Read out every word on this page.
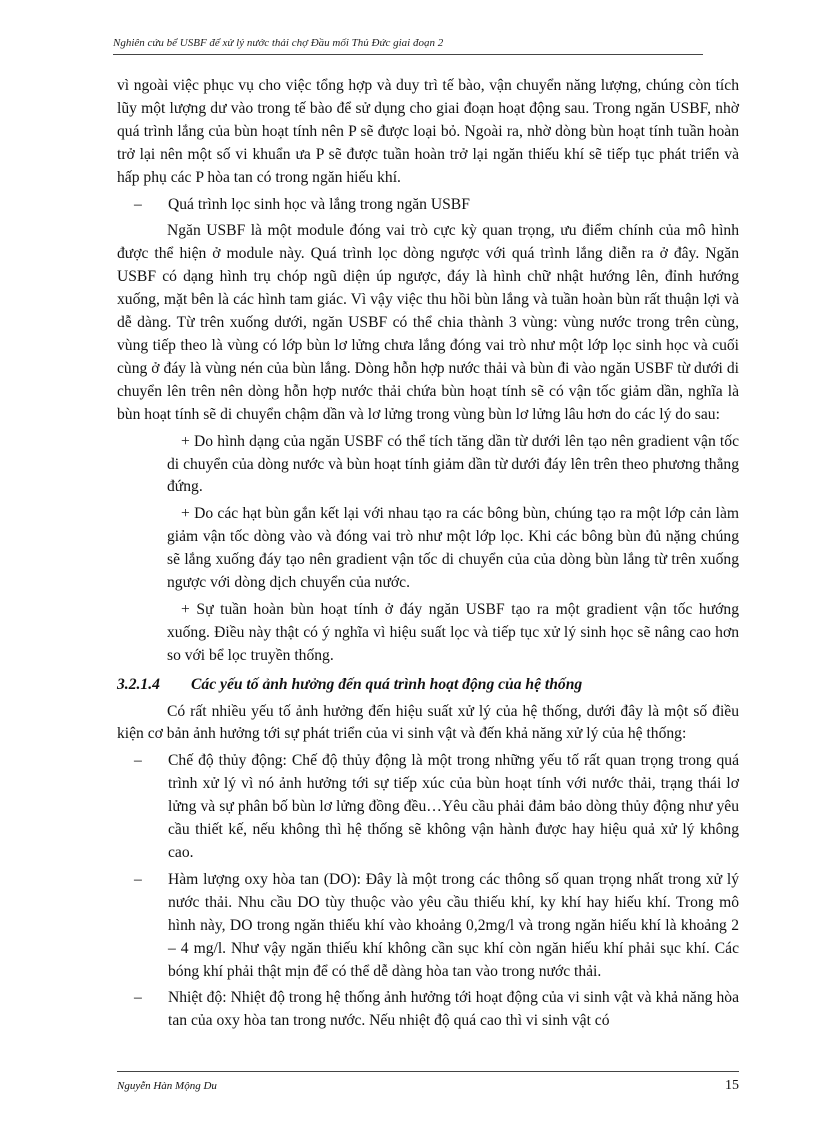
Nghiên cứu bể USBF để xử lý nước thải chợ Đầu mối Thủ Đức giai đoạn 2

vì ngoài việc phục vụ cho việc tổng hợp và duy trì tế bào, vận chuyển năng lượng, chúng còn tích lũy một lượng dư vào trong tế bào để sử dụng cho giai đoạn hoạt động sau. Trong ngăn USBF, nhờ quá trình lắng của bùn hoạt tính nên P sẽ được loại bỏ. Ngoài ra, nhờ dòng bùn hoạt tính tuần hoàn trở lại nên một số vi khuẩn ưa P sẽ được tuần hoàn trở lại ngăn thiếu khí sẽ tiếp tục phát triển và hấp phụ các P hòa tan có trong ngăn hiếu khí.

– Quá trình lọc sinh học và lắng trong ngăn USBF

Ngăn USBF là một module đóng vai trò cực kỳ quan trọng, ưu điểm chính của mô hình được thể hiện ở module này. Quá trình lọc dòng ngược với quá trình lắng diễn ra ở đây. Ngăn USBF có dạng hình trụ chóp ngũ diện úp ngược, đáy là hình chữ nhật hướng lên, đỉnh hướng xuống, mặt bên là các hình tam giác. Vì vậy việc thu hồi bùn lắng và tuần hoàn bùn rất thuận lợi và dễ dàng. Từ trên xuống dưới, ngăn USBF có thể chia thành 3 vùng: vùng nước trong trên cùng, vùng tiếp theo là vùng có lớp bùn lơ lửng chưa lắng đóng vai trò như một lớp lọc sinh học và cuối cùng ở đáy là vùng nén của bùn lắng. Dòng hỗn hợp nước thải và bùn đi vào ngăn USBF từ dưới di chuyển lên trên nên dòng hỗn hợp nước thải chứa bùn hoạt tính sẽ có vận tốc giảm dần, nghĩa là bùn hoạt tính sẽ di chuyển chậm dần và lơ lửng trong vùng bùn lơ lửng lâu hơn do các lý do sau:

+ Do hình dạng của ngăn USBF có thể tích tăng dần từ dưới lên tạo nên gradient vận tốc di chuyển của dòng nước và bùn hoạt tính giảm dần từ dưới đáy lên trên theo phương thẳng đứng.

+ Do các hạt bùn gắn kết lại với nhau tạo ra các bông bùn, chúng tạo ra một lớp cản làm giảm vận tốc dòng vào và đóng vai trò như một lớp lọc. Khi các bông bùn đủ nặng chúng sẽ lắng xuống đáy tạo nên gradient vận tốc di chuyển của của dòng bùn lắng từ trên xuống ngược với dòng dịch chuyển của nước.

+ Sự tuần hoàn bùn hoạt tính ở đáy ngăn USBF tạo ra một gradient vận tốc hướng xuống. Điều này thật có ý nghĩa vì hiệu suất lọc và tiếp tục xử lý sinh học sẽ nâng cao hơn so với bể lọc truyền thống.

3.2.1.4 Các yếu tố ảnh hưởng đến quá trình hoạt động của hệ thống

Có rất nhiều yếu tố ảnh hưởng đến hiệu suất xử lý của hệ thống, dưới đây là một số điều kiện cơ bản ảnh hưởng tới sự phát triển của vi sinh vật và đến khả năng xử lý của hệ thống:

– Chế độ thủy động: Chế độ thủy động là một trong những yếu tố rất quan trọng trong quá trình xử lý vì nó ảnh hưởng tới sự tiếp xúc của bùn hoạt tính với nước thải, trạng thái lơ lửng và sự phân bố bùn lơ lửng đồng đều…Yêu cầu phải đảm bảo dòng thủy động như yêu cầu thiết kế, nếu không thì hệ thống sẽ không vận hành được hay hiệu quả xử lý không cao.

– Hàm lượng oxy hòa tan (DO): Đây là một trong các thông số quan trọng nhất trong xử lý nước thải. Nhu cầu DO tùy thuộc vào yêu cầu thiếu khí, ky khí hay hiếu khí. Trong mô hình này, DO trong ngăn thiếu khí vào khoảng 0,2mg/l và trong ngăn hiếu khí là khoảng 2 – 4 mg/l. Như vậy ngăn thiếu khí không cần sục khí còn ngăn hiếu khí phải sục khí. Các bóng khí phải thật mịn để có thể dễ dàng hòa tan vào trong nước thải.

– Nhiệt độ: Nhiệt độ trong hệ thống ảnh hưởng tới hoạt động của vi sinh vật và khả năng hòa tan của oxy hòa tan trong nước. Nếu nhiệt độ quá cao thì vi sinh vật có

Nguyễn Hàn Mộng Du	15
